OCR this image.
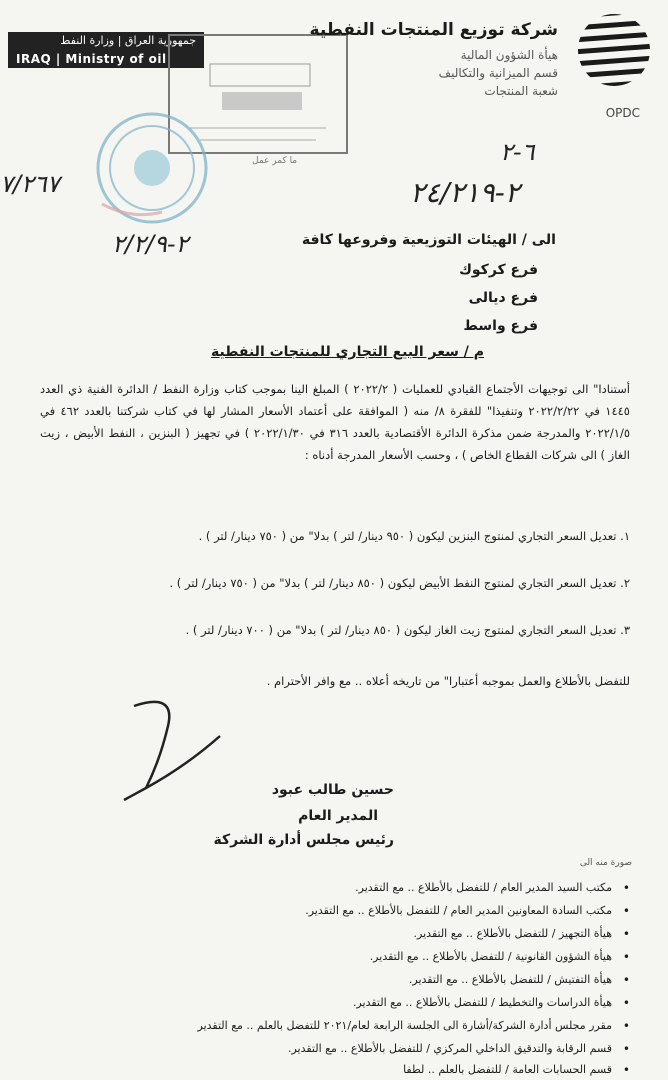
جمهورية العراق | وزارة النفط
IRAQ | Ministry of oil
ما كمر عمل
شركة توزيع المنتجات النفطية
هيأة الشؤون المالية
قسم الميزانية والتكاليف
شعبة المنتجات
OPDC
٦-٢
٢-٢٤/٢١٩
٧/٢٦٧
٢-٢/٢/٩	الى / الهيئات التوزيعية وفروعها كافة
فرع كركوك
فرع ديالى
فرع واسط
م / سعر البيع التجاري للمنتجات النفطية
أستنادا" الى توجيهات الأجتماع القيادي للعمليات ( ٢٠٢٢/٢ ) المبلغ الينا بموجب كتاب وزارة النفط / الدائرة الفنية ذي العدد ١٤٤٥ في ٢٠٢٢/٢/٢٢ وتنفيذا" للفقرة ٨/ منه ( الموافقة على أعتماد الأسعار المشار لها في كتاب شركتنا بالعدد ٤٦٢ في ٢٠٢٢/١/٥ والمدرجة ضمن مذكرة الدائرة الأقتصادية بالعدد ٣١٦ في ٢٠٢٢/١/٣٠ ) في تجهيز ( البنزين ، النفط الأبيض ، زيت الغاز ) الى شركات القطاع الخاص ) ، وحسب الأسعار المدرجة أدناه :
١. تعديل السعر التجاري لمنتوج البنزين ليكون ( ٩٥٠ دينار/ لتر ) بدلا" من ( ٧٥٠ دينار/ لتر ) .
٢. تعديل السعر التجاري لمنتوج النفط الأبيض ليكون ( ٨٥٠ دينار/ لتر ) بدلا" من ( ٧٥٠ دينار/ لتر ) .
٣. تعديل السعر التجاري لمنتوج زيت الغاز ليكون ( ٨٥٠ دينار/ لتر ) بدلا" من ( ٧٠٠ دينار/ لتر ) .
للتفضل بالأطلاع والعمل بموجبه أعتبارا" من تاريخه أعلاه .. مع وافر الأحترام .
حسين طالب عبود
المدير العام
رئيس مجلس أدارة الشركة
صورة منه الى
مكتب السيد المدير العام / للتفضل بالأطلاع .. مع التقدير. •
مكتب السادة المعاونين المدير العام / للتفضل بالأطلاع .. مع التقدير. •
هيأة التجهيز / للتفضل بالأطلاع .. مع التقدير. •
هيأة الشؤون القانونية / للتفضل بالأطلاع .. مع التقدير. •
هيأة التفتيش / للتفضل بالأطلاع .. مع التقدير. •
هيأة الدراسات والتخطيط / للتفضل بالأطلاع .. مع التقدير. •
مقرر مجلس أدارة الشركة/أشارة الى الجلسة الرابعة لعام/٢٠٢١ للتفضل بالعلم .. مع التقدير •
قسم الرقابة والتدقيق الداخلي المركزي / للتفضل بالأطلاع .. مع التقدير. •
قسم الحسابات العامة / للتفضل بالعلم .. لطفا •
